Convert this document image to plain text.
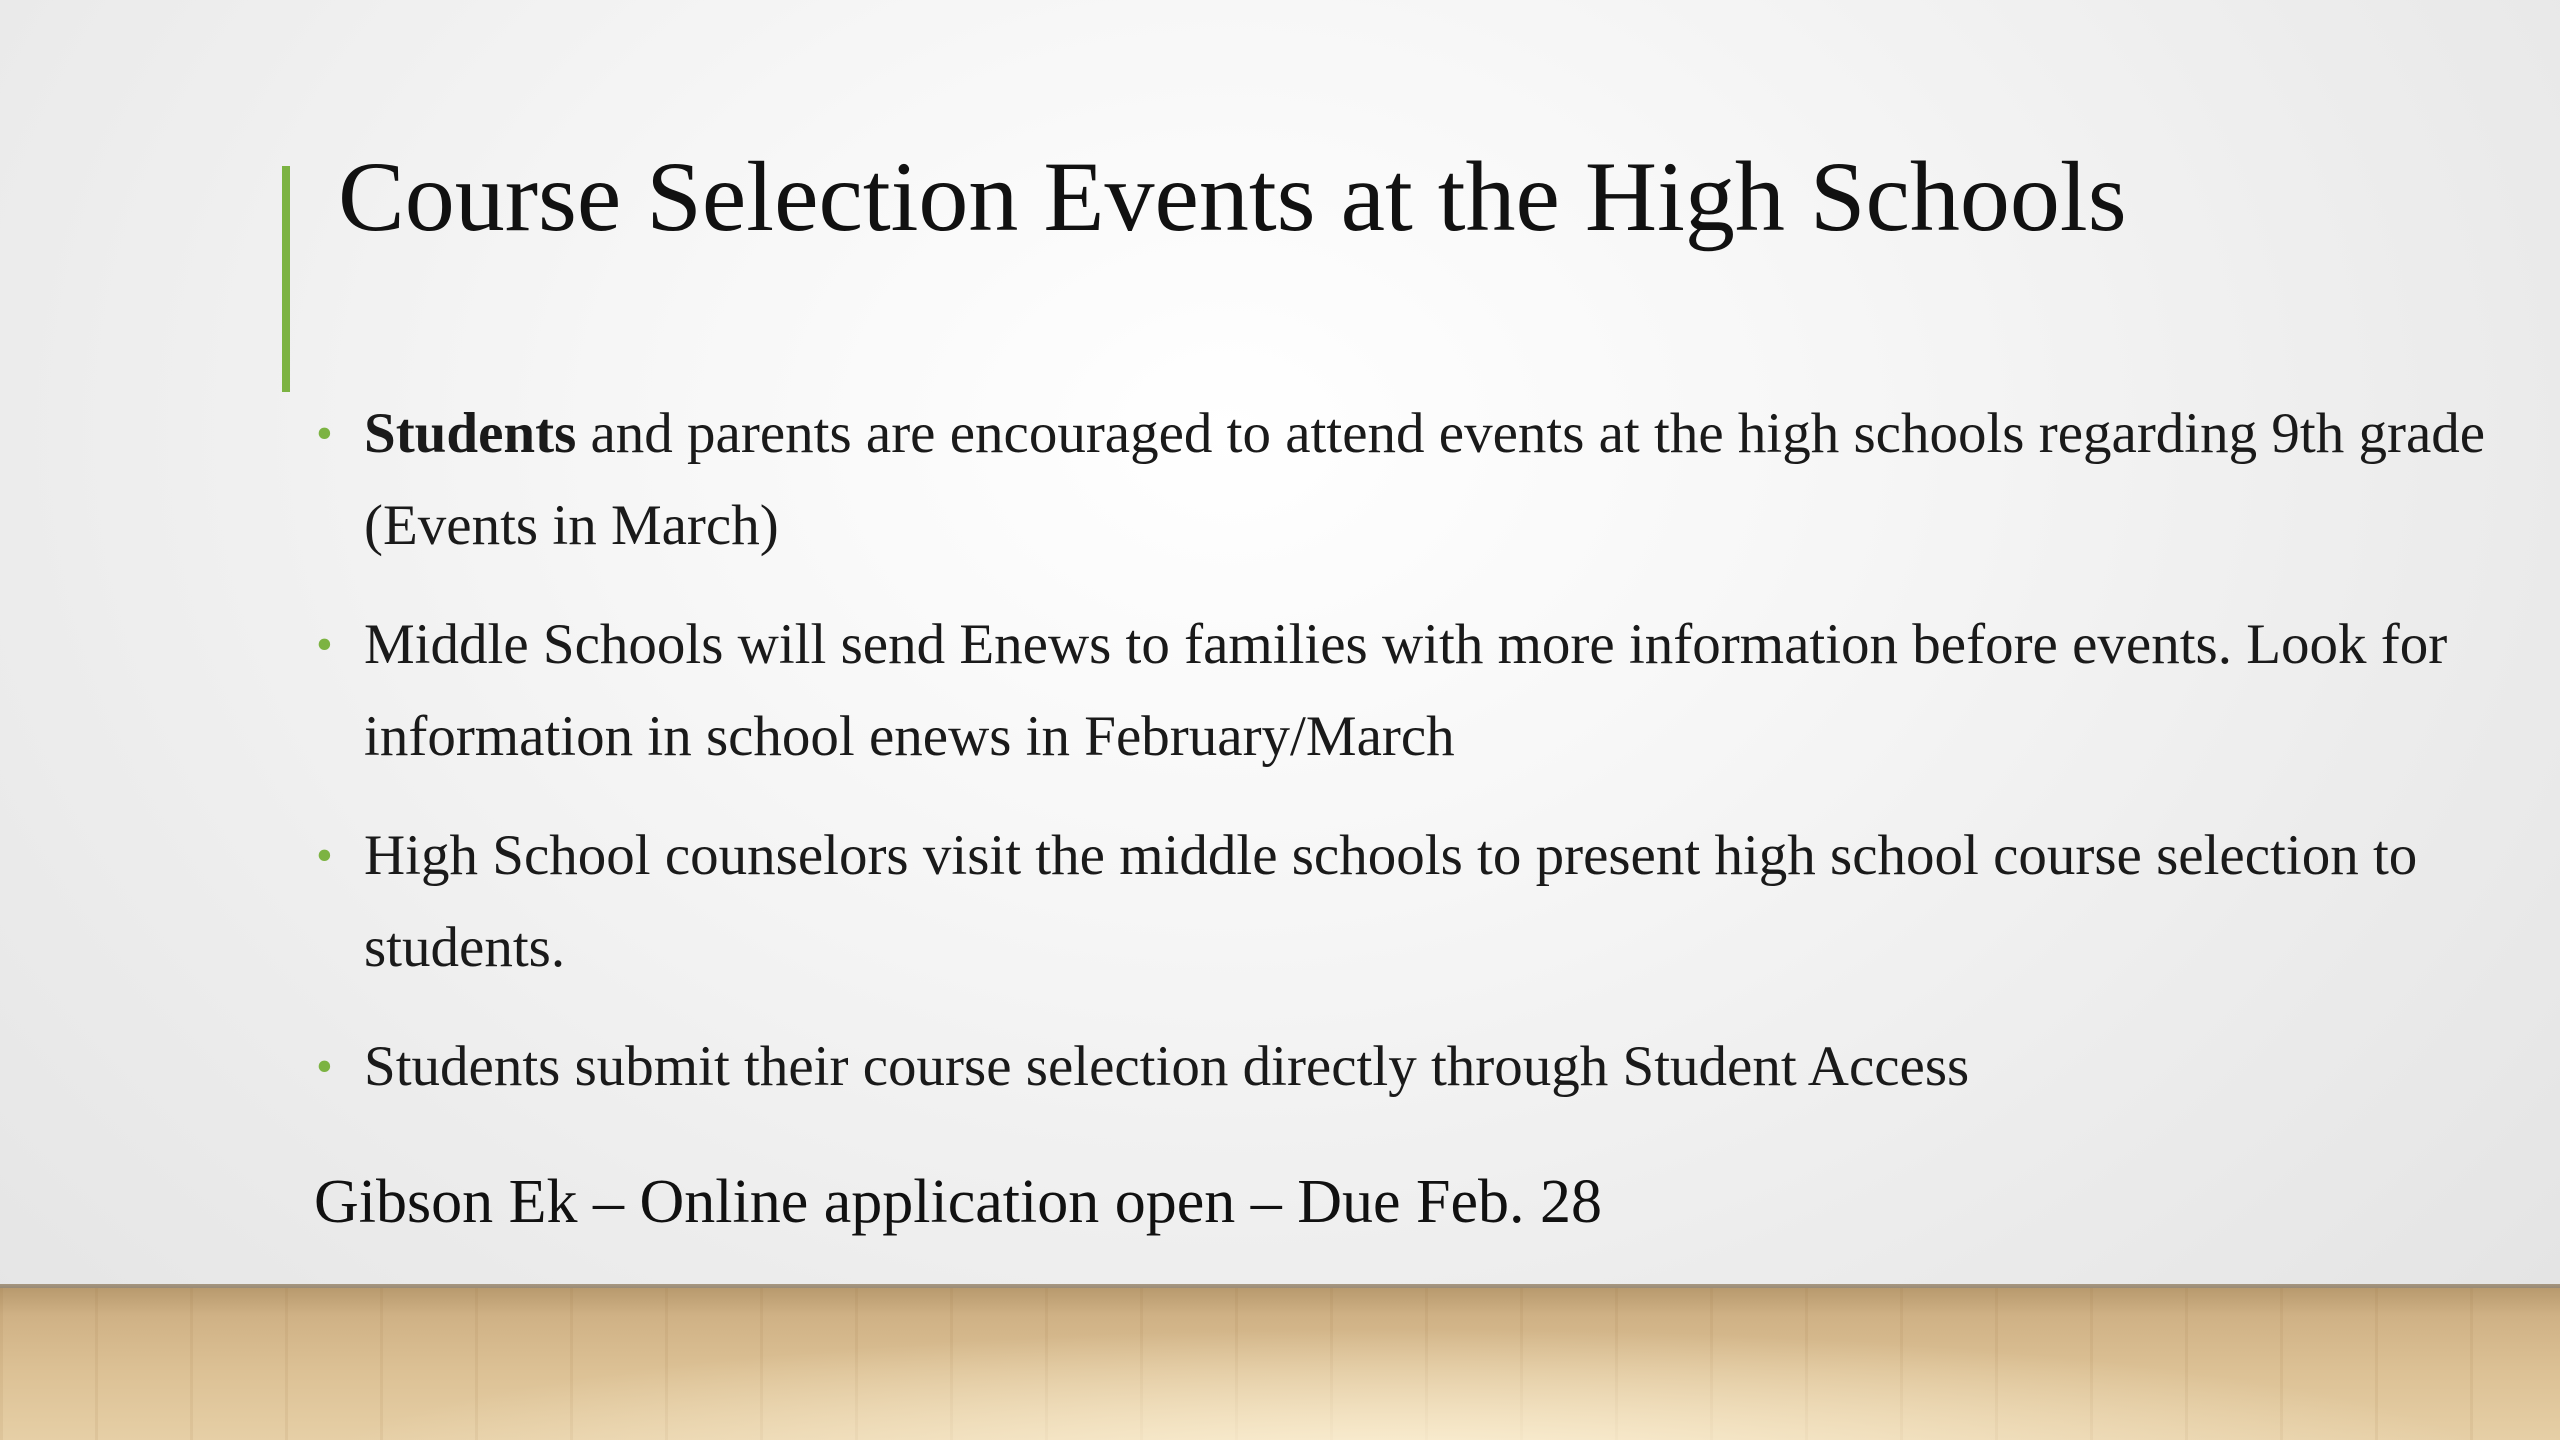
Course Selection Events at the High Schools
• Students and parents are encouraged to attend events at the high schools regarding 9th grade (Events in March)
• Middle Schools will send Enews to families with more information before events. Look for information in school enews in February/March
• High School counselors visit the middle schools to present high school course selection to students.
• Students submit their course selection directly through Student Access
Gibson Ek – Online application open – Due Feb. 28
